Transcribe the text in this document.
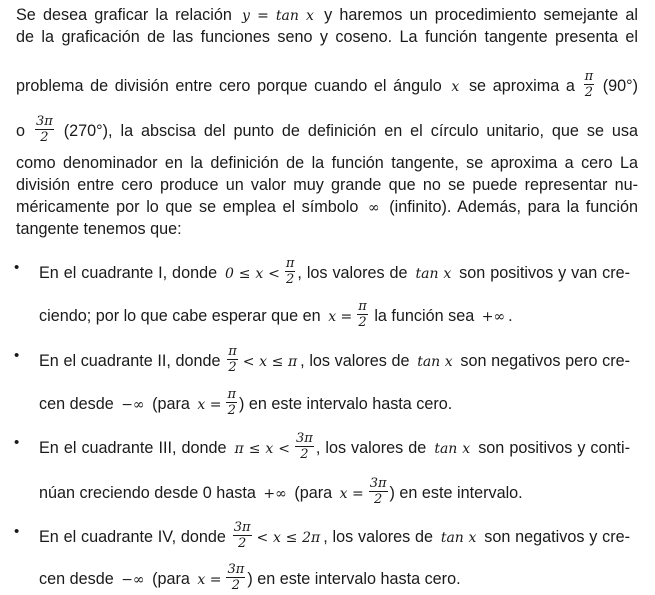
Se desea graficar la relación y = tan x y haremos un procedimiento semejante al
de la graficación de las funciones seno y coseno. La función tangente presenta el
problema de división entre cero porque cuando el ángulo x se aproxima a $\frac{\pi}{2} (90^\circ)$
o $\frac{3\pi}{2} (270^\circ)$, la abscisa del punto de definición en el círculo unitario, que se usa
como denominador en la definición de la función tangente, se aproxima a cero La
división entre cero produce un valor muy grande que no se puede representar nu-
méricamente por lo que se emplea el símbolo ∞ (infinito). Además, para la función
tangente tenemos que:
• En el cuadrante I, donde $0 \le x < \frac{\pi}{2}$ , los valores de tan x son positivos y van cre-
ciendo; por lo que cabe esperar que en $x = \frac{\pi}{2}$ la función sea +∞ .
• En el cuadrante II, donde $\frac{\pi}{2} < x \le \pi$ , los valores de tan x son negativos pero cre-
cen desde −∞ (para $x = \frac{\pi}{2}$ ) en este intervalo hasta cero.
• En el cuadrante III, donde $\pi \le x < \frac{3\pi}{2}$ , los valores de tan x son positivos y conti-
núan creciendo desde 0 hasta +∞ (para $x = \frac{3\pi}{2}$ ) en este intervalo.
• En el cuadrante IV, donde $\frac{3\pi}{2} < x \le 2\pi$ , los valores de tan x son negativos y cre-
cen desde −∞ (para $x = \frac{3\pi}{2}$ ) en este intervalo hasta cero.
